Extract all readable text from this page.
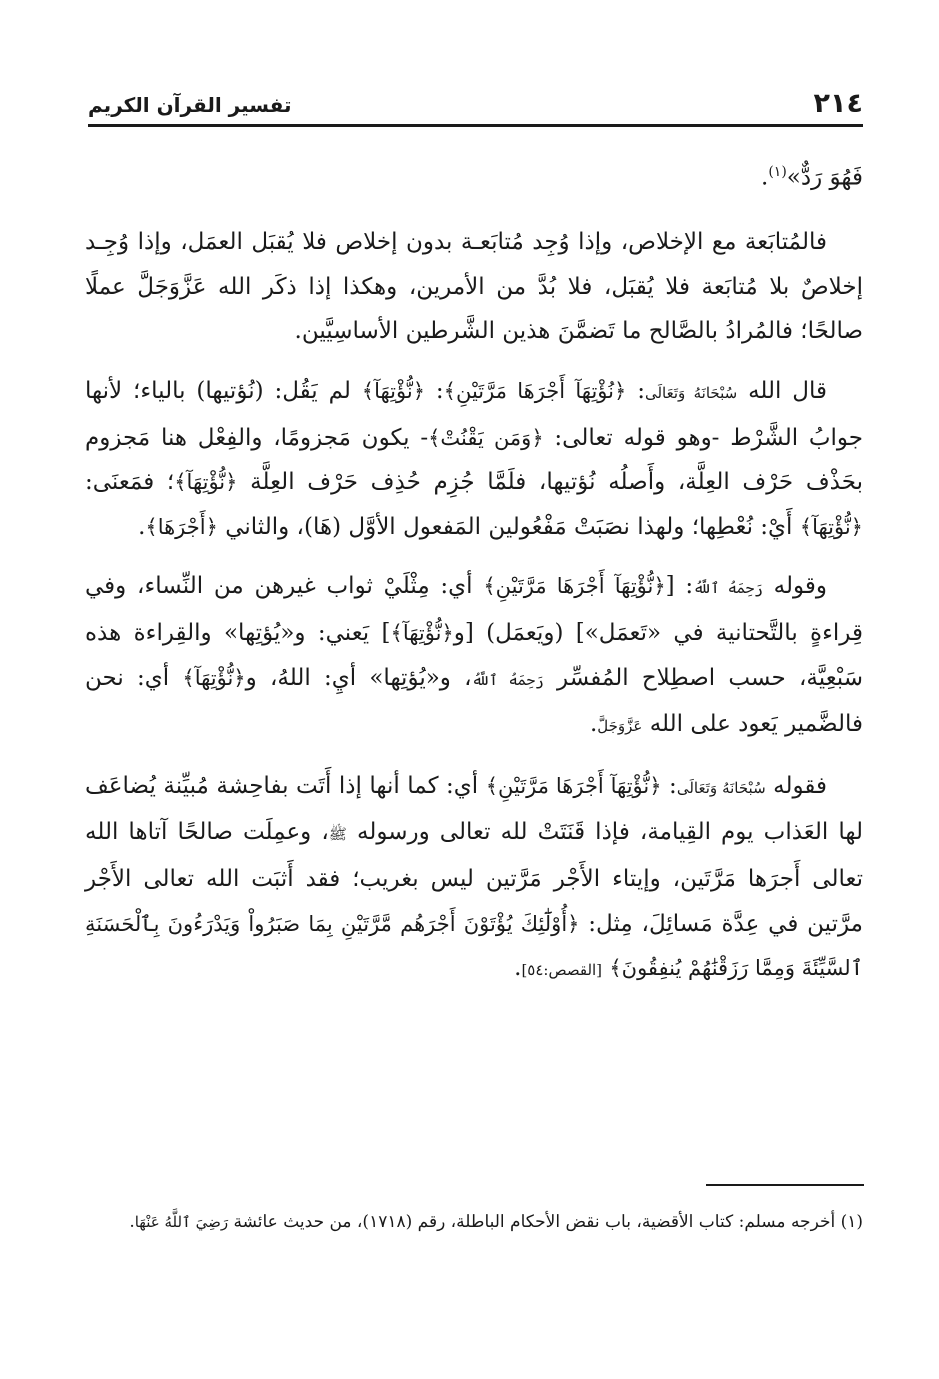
٢١٤
تفسير القرآن الكريم

فَهُوَ رَدٌّ»$^{(١)}$.

فالمُتابَعة مع الإخلاص، وإذا وُجِد مُتابَعـة بدون إخلاص فلا يُقبَل العمَل، وإذا وُجِـد إخلاصٌ بلا مُتابَعة فلا يُقبَل، فلا بُدَّ من الأمرين، وهكذا إذا ذكَر الله عَزَّوَجَلَّ عملًا صالحًا؛ فالمُرادُ بالصَّالح ما تَضمَّنَ هذين الشَّرطين الأساسِيَّين.

قال الله سُبْحَانَهُ وَتَعَالَى: ﴿نُؤْتِهَآ أَجْرَهَا مَرَّتَيْنِ﴾: ﴿نُّؤْتِهَآ﴾ لم يَقُل: (نُؤتيها) بالياء؛ لأنها جوابُ الشَّرْط -وهو قوله تعالى: ﴿وَمَن يَقْنُتْ﴾- يكون مَجزومًا، والفِعْل هنا مَجزوم بحَذْف حَرْف العِلَّة، وأَصلُه نُؤتيها، فلَمَّا جُزِم حُذِف حَرْف العِلَّة ﴿نُّؤْتِهَآ﴾؛ فمَعنَى: ﴿نُّؤْتِهَآ﴾ أَيْ: نُعْطِها؛ ولهذا نصَبَتْ مَفْعُولين المَفعول الأوَّل (هَا)، والثاني ﴿أَجْرَهَا﴾.

وقوله رَحِمَهُ ٱللَّهُ: [﴿نُّؤْتِهَآ أَجْرَهَا مَرَّتَيْنِ﴾ أي: مِثْلَيْ ثواب غيرهن من النِّساء، وفي قِراءةٍ بالتَّحتانية في «تَعمَل»] (ويَعمَل) [و﴿نُّؤْتِهَآ﴾] يَعني: و«يُؤتِها» والقِراءة هذه سَبْعِيَّة، حسب اصطِلاح المُفسِّر رَحِمَهُ ٱللَّهُ، و«يُؤتِها» أيِ: اللهُ، و﴿نُّؤْتِهَآ﴾ أي: نحن فالضَّمير يَعود على الله عَزَّوَجَلَّ.

فقوله سُبْحَانَهُ وَتَعَالَى: ﴿نُّؤْتِهَآ أَجْرَهَا مَرَّتَيْنِ﴾ أي: كما أنها إذا أَتَت بفاحِشة مُبيِّنة يُضاعَف لها العَذاب يوم القِيامة، فإذا قَنَتَتْ لله تعالى ورسوله ﷺ، وعمِلَت صالحًا آتاها الله تعالى أَجرَها مَرَّتَين، وإيتاء الأَجْر مَرَّتين ليس بغريب؛ فقد أَثبَت الله تعالى الأَجْر مرَّتين في عِدَّة مَسائِلَ، مِثل: ﴿أُوْلَٰٓئِكَ يُؤْتَوْنَ أَجْرَهُم مَّرَّتَيْنِ بِمَا صَبَرُواْ وَيَدْرَءُونَ بِٱلْحَسَنَةِ ٱلسَّيِّئَةَ وَمِمَّا رَزَقْنَٰهُمْ يُنفِقُونَ﴾ [القصص:٥٤].

(١) أخرجه مسلم: كتاب الأقضية، باب نقض الأحكام الباطلة، رقم (١٧١٨)، من حديث عائشة رَضِيَ ٱللَّهُ عَنْهَا.
